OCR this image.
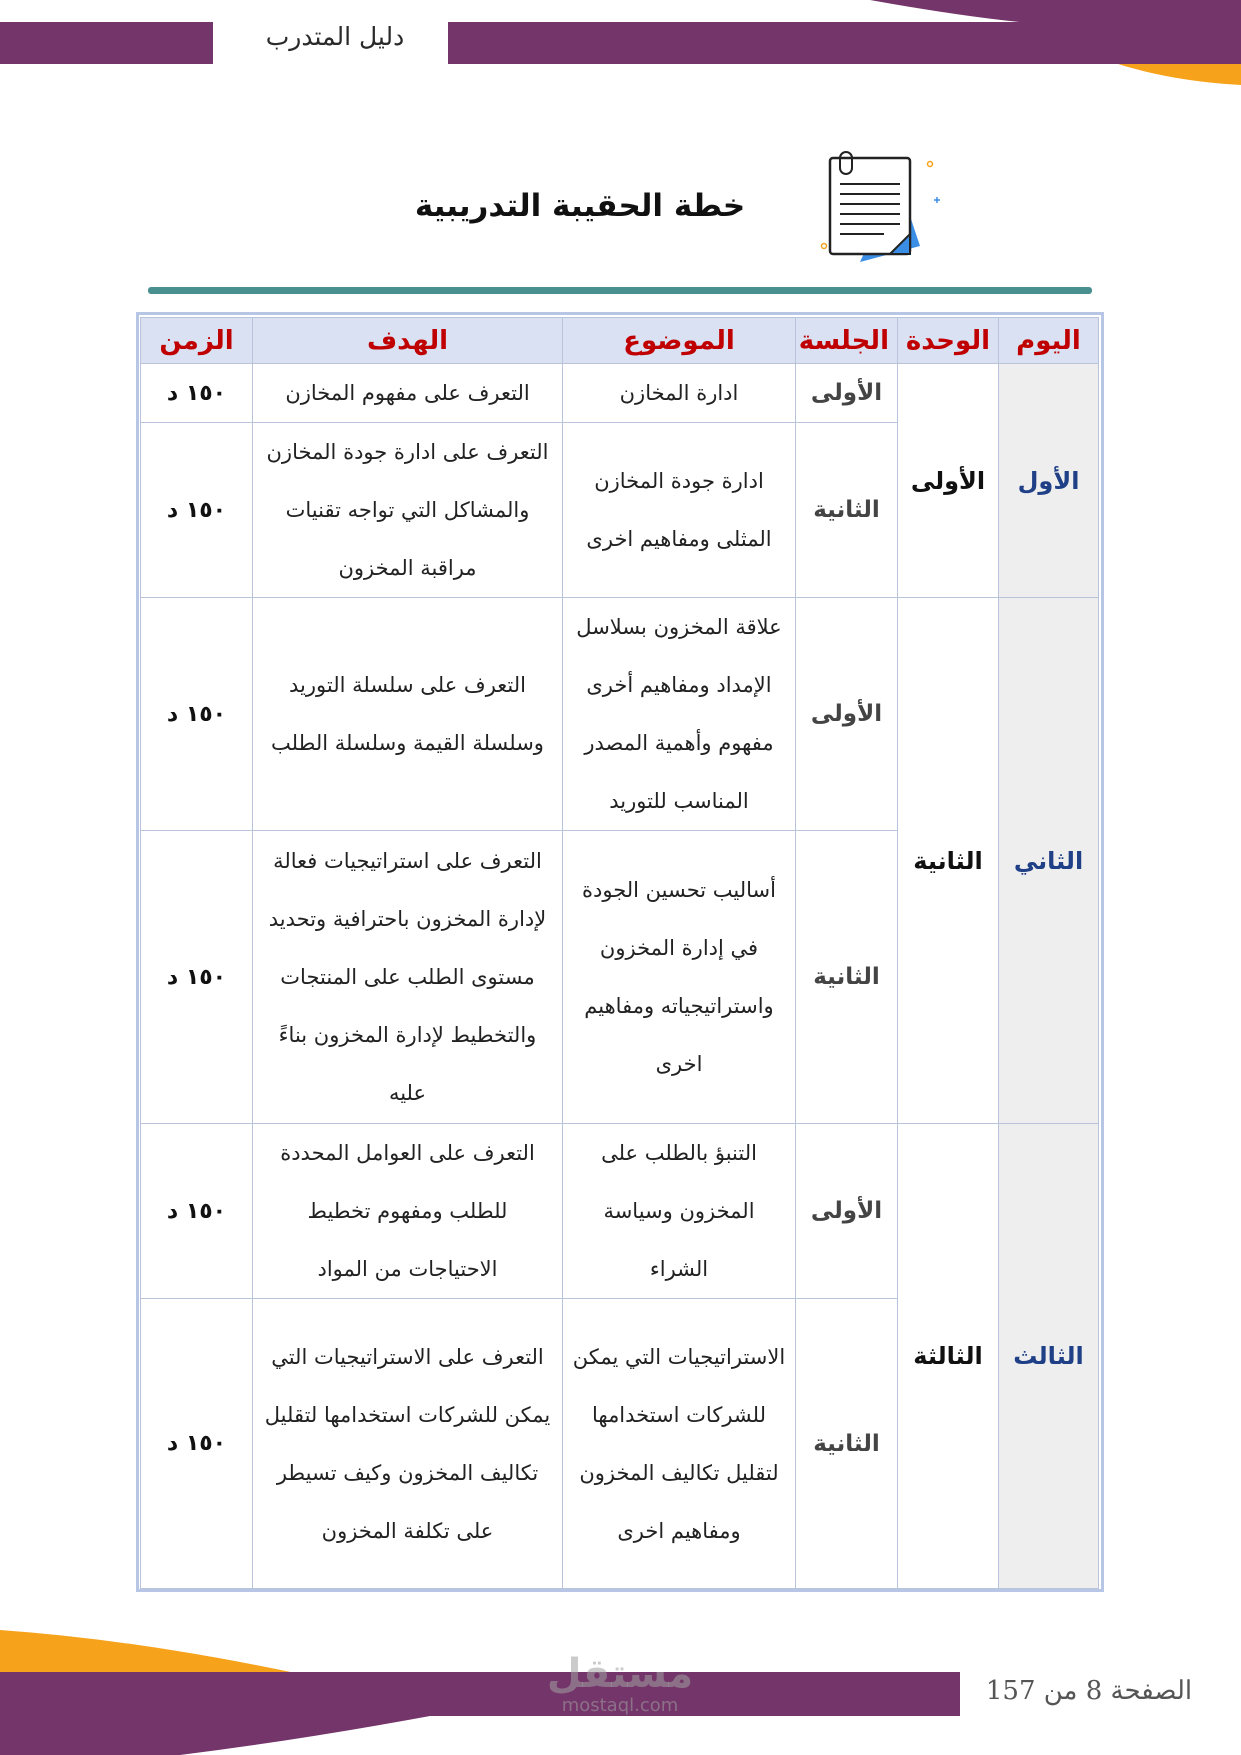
دليل المتدرب
خطة الحقيبة التدريبية
اليوم	الوحدة	الجلسة	الموضوع	الهدف	الزمن
الأول	الأولى	الأولى	ادارة المخازن	التعرف على مفهوم المخازن	١٥٠ د
		الثانية	ادارة جودة المخازن المثلى ومفاهيم اخرى	التعرف على ادارة جودة المخازن والمشاكل التي تواجه تقنيات مراقبة المخزون	١٥٠ د
الثاني	الثانية	الأولى	علاقة المخزون بسلاسل الإمداد ومفاهيم أخرى مفهوم وأهمية المصدر المناسب للتوريد	التعرف على سلسلة التوريد وسلسلة القيمة وسلسلة الطلب	١٥٠ د
		الثانية	أساليب تحسين الجودة في إدارة المخزون واستراتيجياته ومفاهيم اخرى	التعرف على استراتيجيات فعالة لإدارة المخزون باحترافية وتحديد مستوى الطلب على المنتجات والتخطيط لإدارة المخزون بناءً عليه	١٥٠ د
الثالث	الثالثة	الأولى	التنبؤ بالطلب على المخزون وسياسة الشراء	التعرف على العوامل المحددة للطلب ومفهوم تخطيط الاحتياجات من المواد	١٥٠ د
		الثانية	الاستراتيجيات التي يمكن للشركات استخدامها لتقليل تكاليف المخزون ومفاهيم اخرى	التعرف على الاستراتيجيات التي يمكن للشركات استخدامها لتقليل تكاليف المخزون وكيف تسيطر على تكلفة المخزون	١٥٠ د
مستقل
mostaql.com	الصفحة 8 من 157
